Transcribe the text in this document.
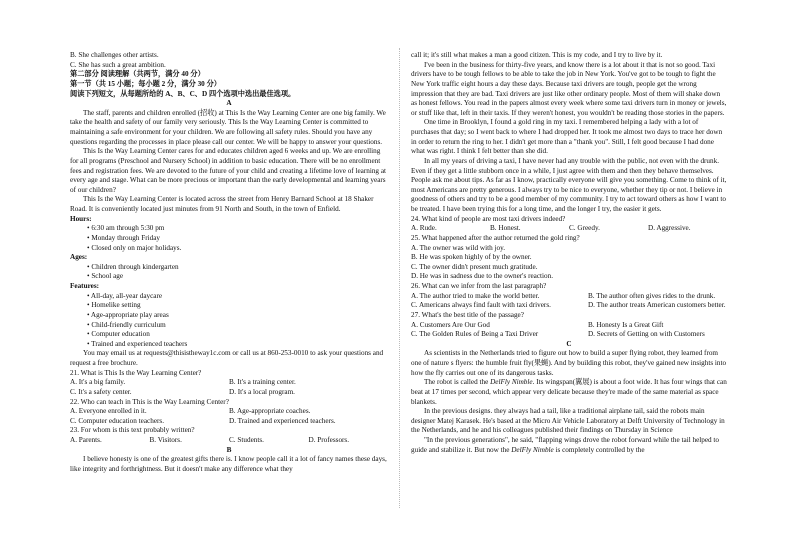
B. She challenges other artists.

C. She has such a great ambition.

第二部分 阅读理解（共两节，满分 40 分）

第一节（共 15 小题；每小题 2 分，满分 30 分）

阅读下列短文，从每题所给的 A、B、C、D 四个选项中选出最佳选项。

A

The staff, parents and children enrolled (招收) at This Is the Way Learning Center are one big family. We take the health and safety of our family very seriously. This Is the Way Learning Center is committed to maintaining a safe environment for your children. We are following all safety rules. Should you have any questions regarding the processes in place please call our center. We will be happy to answer your questions.

This Is the Way Learning Center cares for and educates children aged 6 weeks and up. We are enrolling for all programs (Preschool and Nursery School) in addition to basic education. There will be no enrollment fees and registration fees. We are devoted to the future of your child and creating a lifetime love of learning at every age and stage. What can be more precious or important than the early developmental and learning years of our children?

This Is the Way Learning Center is located across the street from Henry Barnard School at 18 Shaker Road. It is conveniently located just minutes from 91 North and South, in the town of Enfield.

Hours:

• 6:30 am through 5:30 pm

• Monday through Friday

• Closed only on major holidays.

Ages:

• Children through kindergarten

• School age

Features:

• All-day, all-year daycare

• Homelike setting

• Age-appropriate play areas

• Child-friendly curriculum

• Computer education

• Trained and experienced teachers

You may email us at requests@thisistheway1c.com or call us at 860-253-0010 to ask your questions and request a free brochure.

21. What is This Is the Way Learning Center?

A. It's a big family.	B. It's a training center.
C. It's a safety center.	D. It's a local program.

22. Who can teach in This is the Way Learning Center?

A. Everyone enrolled in it.	B. Age-appropriate coaches.
C. Computer education teachers.	D. Trained and experienced teachers.

23. For whom is this text probably written?

A. Parents.	B. Visitors.	C. Students.	D. Professors.

B

I believe honesty is one of the greatest gifts there is. I know people call it a lot of fancy names these days, like integrity and forthrightness. But it doesn't make any difference what they

call it; it's still what makes a man a good citizen. This is my code, and I try to live by it.

I've been in the business for thirty-five years, and know there is a lot about it that is not so good. Taxi drivers have to be tough fellows to be able to take the job in New York. You've got to be tough to fight the New York traffic eight hours a day these days. Because taxi drivers are tough, people get the wrong impression that they are bad. Taxi drivers are just like other ordinary people. Most of them will shake down as honest fellows. You read in the papers almost every week where some taxi drivers turn in money or jewels, or stuff like that, left in their taxis. If they weren't honest, you wouldn't be reading those stories in the papers.

One time in Brooklyn, I found a gold ring in my taxi. I remembered helping a lady with a lot of purchases that day; so I went back to where I had dropped her. It took me almost two days to trace her down in order to return the ring to her. I didn't get more than a "thank you". Still, I felt good because I had done what was right. I think I felt better than she did.

In all my years of driving a taxi, I have never had any trouble with the public, not even with the drunk. Even if they get a little stubborn once in a while, I just agree with them and then they behave themselves. People ask me about tips. As far as I know, practically everyone will give you something. Come to think of it, most Americans are pretty generous. I always try to be nice to everyone, whether they tip or not. I believe in goodness of others and try to be a good member of my community. I try to act toward others as how I want to be treated. I have been trying this for a long time, and the longer I try, the easier it gets.

24. What kind of people are most taxi drivers indeed?

A. Rude.	B. Honest.	C. Greedy.	D. Aggressive.

25. What happened after the author returned the gold ring?

A. The owner was wild with joy.

B. He was spoken highly of by the owner.

C. The owner didn't present much gratitude.

D. He was in sadness due to the owner's reaction.

26. What can we infer from the last paragraph?

A. The author tried to make the world better.	B. The author often gives rides to the drunk.
C. Americans always find fault with taxi drivers.	D. The author treats American customers better.

27. What's the best title of the passage?

A. Customers Are Our God	B. Honesty Is a Great Gift
C. The Golden Rules of Being a Taxi Driver	D. Secrets of Getting on with Customers

C

As scientists in the Netherlands tried to figure out how to build a super flying robot, they learned from one of nature s flyers: the humble fruit fly(果蝇). And by building this robot, they've gained new insights into how the fly carries out one of its dangerous tasks.

The robot is called the DelFly Nimble. Its wingspan(翼展) is about a foot wide. It has four wings that can beat at 17 times per second, which appear very delicate because they're made of the same material as space blankets.

In the previous designs. they always had a tail, like a traditional airplane tail, said the robots main designer Matej Karasek. He's based at the Micro Air Vehicle Laboratory at Delft University of Technology in the Netherlands, and he and his colleagues published their findings on Thursday in Science

"In the previous generations", he said, "flapping wings drove the robot forward while the tail helped to guide and stabilize it. But now the DelFly Nimble is completely controlled by the
